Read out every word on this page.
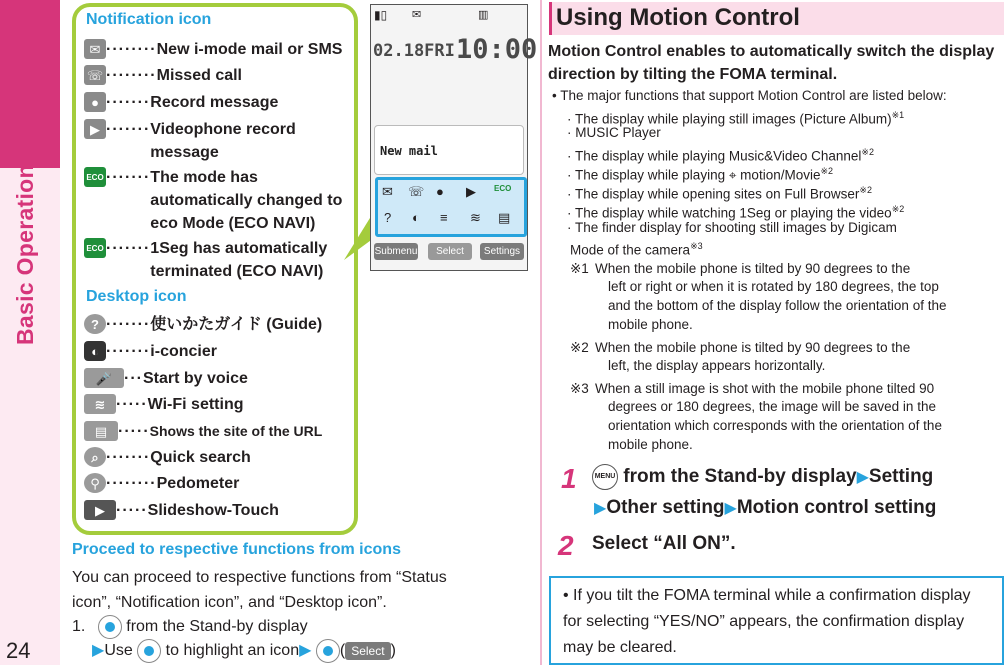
Basic Operation
24
Notification icon
✉ ········ New i-mode mail or SMS
☏ ········ Missed call
● ······· Record message
▶ ······· Videophone record message
ECO ······· The mode has automatically changed to eco Mode (ECO NAVI)
ECO ······· 1Seg has automatically terminated (ECO NAVI)
Desktop icon
? ······· 使いかたガイド (Guide)
◐ ······· i-concier
🎤 ··· Start by voice
≋ ····· Wi-Fi setting
▤ ····· Shows the site of the URL
⌕ ······· Quick search
⚲ ········ Pedometer
▶ ····· Slideshow-Touch
▮▯ ✉	▥
02.18FRI 10:00
New mail
✉ ☏ ● ▶ ECO
? ◐ ≡ ≋ ▤
Submenu	Select	Settings
Proceed to respective functions from icons
You can proceed to respective functions from “Status
icon”, “Notification icon”, and “Desktop icon”.
1.	from the Stand-by display
▶Use to highlight an icon▶ ( Select )
Using Motion Control
Motion Control enables to automatically switch the display direction by tilting the FOMA terminal.
• The major functions that support Motion Control are listed below:
· The display while playing still images (Picture Album)$^{※1}$
· MUSIC Player
· The display while playing Music&Video Channel$^{※2}$
· The display while playing ⌖ motion/Movie$^{※2}$
· The display while opening sites on Full Browser$^{※2}$
· The display while watching 1Seg or playing the video$^{※2}$
· The finder display for shooting still images by Digicam
Mode of the camera$^{※3}$
※1 When the mobile phone is tilted by 90 degrees to the
left or right or when it is rotated by 180 degrees, the top
and the bottom of the display follow the orientation of the
mobile phone.
※2 When the mobile phone is tilted by 90 degrees to the
left, the display appears horizontally.
※3 When a still image is shot with the mobile phone tilted 90
degrees or 180 degrees, the image will be saved in the
orientation which corresponds with the orientation of the
mobile phone.
1	MENU from the Stand-by display▶Setting
▶Other setting▶Motion control setting
2 Select “All ON”.
• If you tilt the FOMA terminal while a confirmation display for selecting “YES/NO” appears, the confirmation display may be cleared.
